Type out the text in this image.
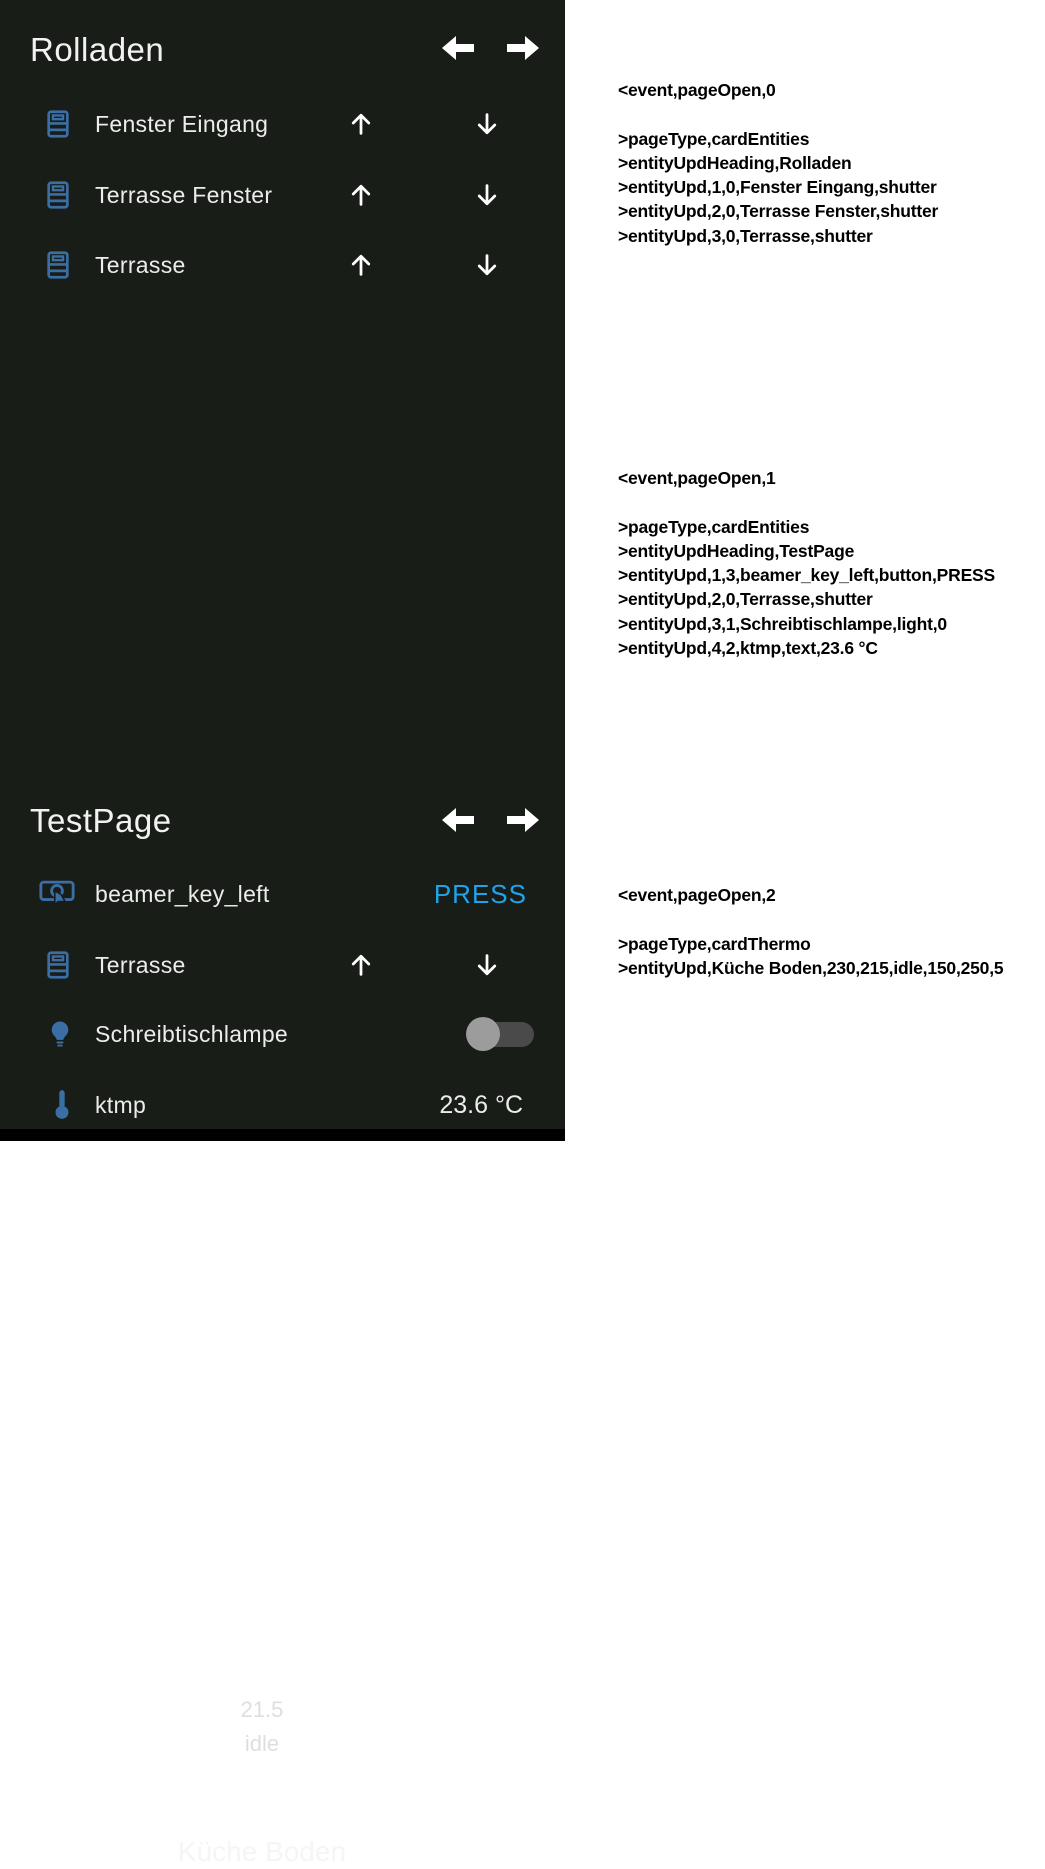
Rolladen
Fenster Eingang
Terrasse Fenster
Terrasse
TestPage
beamer_key_left	PRESS
Terrasse
Schreibtischlampe
ktmp	23.6 °C
23.0 °C
21.5
idle
Küche Boden
<event,pageOpen,0
>pageType,cardEntities
>entityUpdHeading,Rolladen
>entityUpd,1,0,Fenster Eingang,shutter
>entityUpd,2,0,Terrasse Fenster,shutter
>entityUpd,3,0,Terrasse,shutter
<event,pageOpen,1
>pageType,cardEntities
>entityUpdHeading,TestPage
>entityUpd,1,3,beamer_key_left,button,PRESS
>entityUpd,2,0,Terrasse,shutter
>entityUpd,3,1,Schreibtischlampe,light,0
>entityUpd,4,2,ktmp,text,23.6 °C
<event,pageOpen,2
>pageType,cardThermo
>entityUpd,Küche Boden,230,215,idle,150,250,5
